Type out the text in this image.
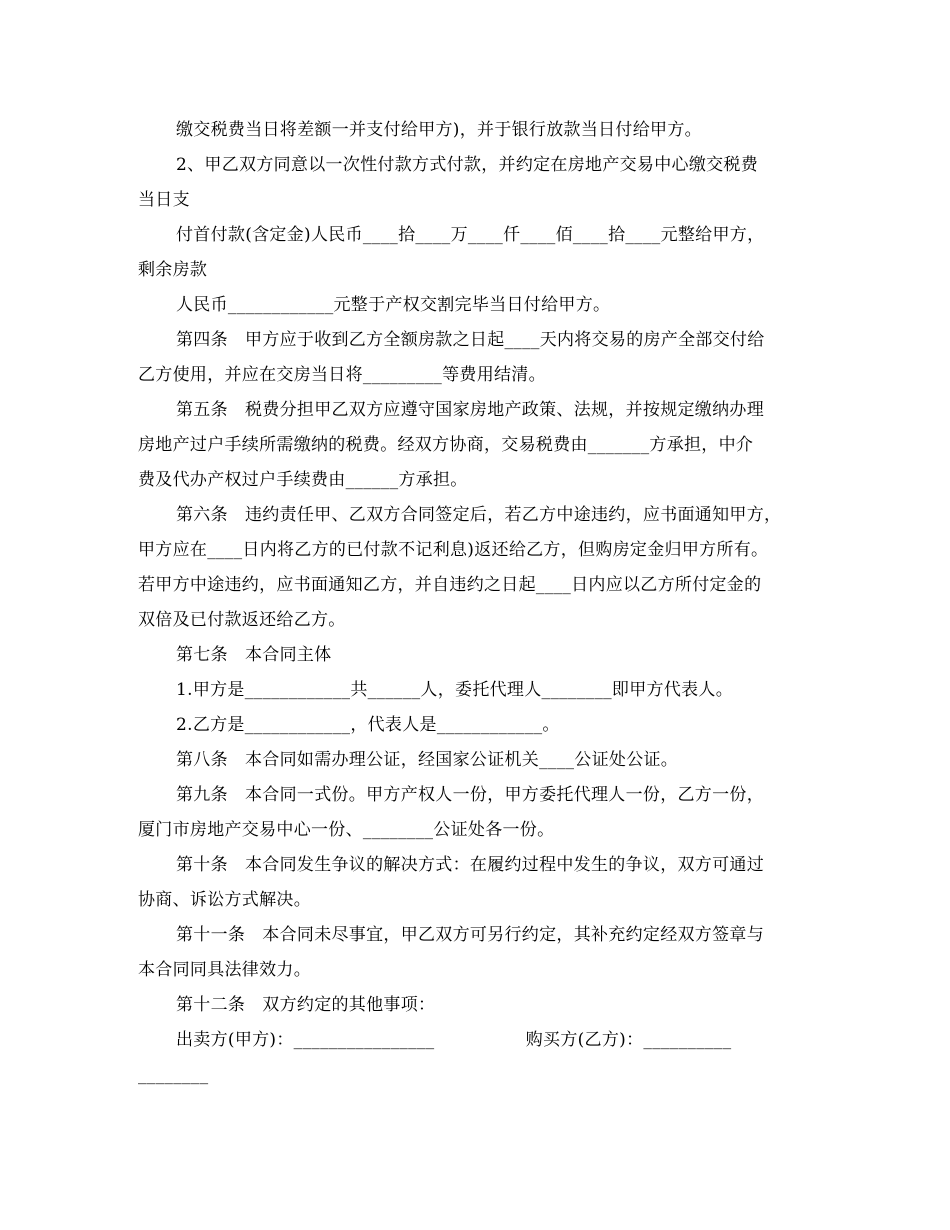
缴交税费当日将差额一并支付给甲方)，并于银行放款当日付给甲方。
2、甲乙双方同意以一次性付款方式付款，并约定在房地产交易中心缴交税费
当日支
付首付款(含定金)人民币____拾____万____仟____佰____拾____元整给甲方，
剩余房款
人民币____________元整于产权交割完毕当日付给甲方。
第四条   甲方应于收到乙方全额房款之日起____天内将交易的房产全部交付给
乙方使用，并应在交房当日将_________等费用结清。
第五条   税费分担甲乙双方应遵守国家房地产政策、法规，并按规定缴纳办理
房地产过户手续所需缴纳的税费。经双方协商，交易税费由_______方承担，中介
费及代办产权过户手续费由______方承担。
第六条   违约责任甲、乙双方合同签定后，若乙方中途违约，应书面通知甲方，
甲方应在____日内将乙方的已付款不记利息)返还给乙方，但购房定金归甲方所有。
若甲方中途违约，应书面通知乙方，并自违约之日起____日内应以乙方所付定金的
双倍及已付款返还给乙方。
第七条   本合同主体
1.甲方是____________共______人，委托代理人________即甲方代表人。
2.乙方是____________，代表人是____________。
第八条   本合同如需办理公证，经国家公证机关____公证处公证。
第九条   本合同一式份。甲方产权人一份，甲方委托代理人一份，乙方一份，
厦门市房地产交易中心一份、________公证处各一份。
第十条   本合同发生争议的解决方式：在履约过程中发生的争议，双方可通过
协商、诉讼方式解决。
第十一条   本合同未尽事宜，甲乙双方可另行约定，其补充约定经双方签章与
本合同同具法律效力。
第十二条   双方约定的其他事项：
出卖方(甲方)：________________                购买方(乙方)：__________
________
